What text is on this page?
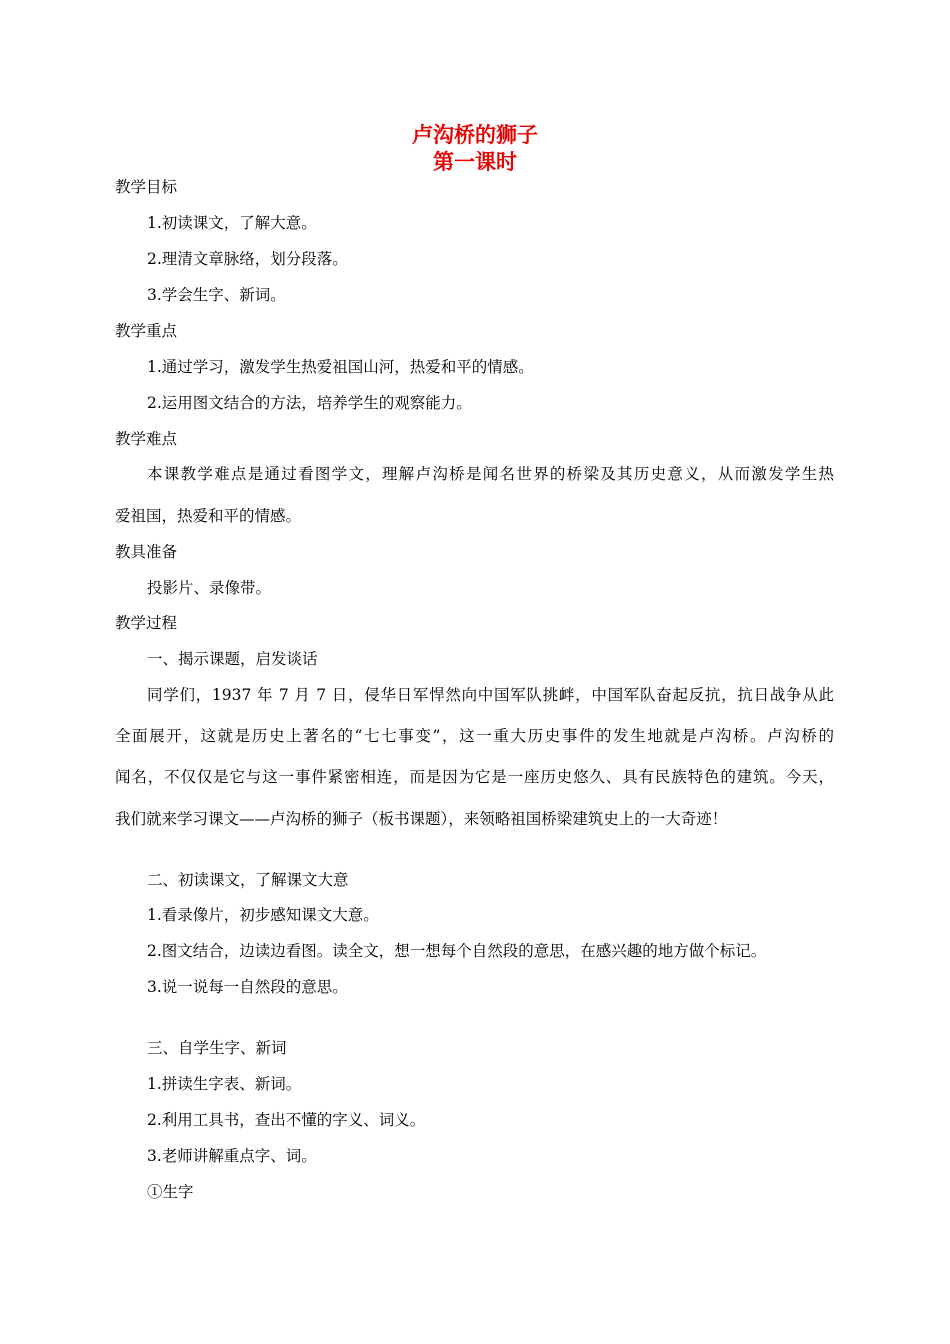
卢沟桥的狮子
第一课时
教学目标
1.初读课文，了解大意。
2.理清文章脉络，划分段落。
3.学会生字、新词。
教学重点
1.通过学习，激发学生热爱祖国山河，热爱和平的情感。
2.运用图文结合的方法，培养学生的观察能力。
教学难点
本课教学难点是通过看图学文，理解卢沟桥是闻名世界的桥梁及其历史意义，从而激发学生热
爱祖国，热爱和平的情感。
教具准备
投影片、录像带。
教学过程
一、揭示课题，启发谈话
同学们，1937 年 7 月 7 日，侵华日军悍然向中国军队挑衅，中国军队奋起反抗，抗日战争从此
全面展开，这就是历史上著名的“七七事变”，这一重大历史事件的发生地就是卢沟桥。卢沟桥的
闻名，不仅仅是它与这一事件紧密相连，而是因为它是一座历史悠久、具有民族特色的建筑。今天，
我们就来学习课文——卢沟桥的狮子（板书课题），来领略祖国桥梁建筑史上的一大奇迹！
二、初读课文，了解课文大意
1.看录像片，初步感知课文大意。
2.图文结合，边读边看图。读全文，想一想每个自然段的意思，在感兴趣的地方做个标记。
3.说一说每一自然段的意思。
三、自学生字、新词
1.拼读生字表、新词。
2.利用工具书，查出不懂的字义、词义。
3.老师讲解重点字、词。
①生字
